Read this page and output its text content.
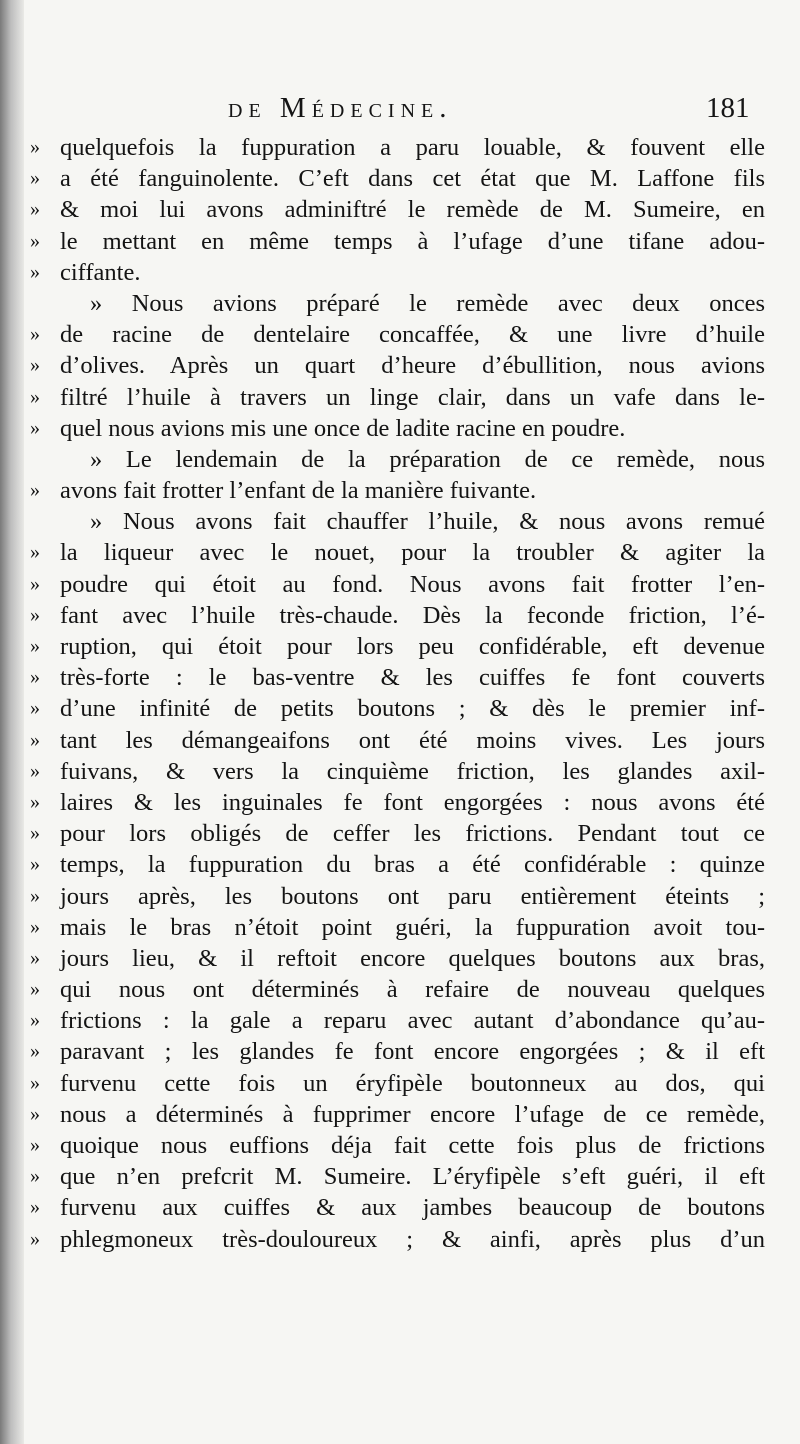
de Médecine.	181
» quelquefois la fuppuration a paru louable, & fouvent elle
» a été fanguinolente. C’eft dans cet état que M. Laffone fils
» & moi lui avons adminiftré le remède de M. Sumeire, en
» le mettant en même temps à l’ufage d’une tifane adou-
» ciffante.
» Nous avions préparé le remède avec deux onces
» de racine de dentelaire concaffée, & une livre d’huile
» d’olives. Après un quart d’heure d’ébullition, nous avions
» filtré l’huile à travers un linge clair, dans un vafe dans le-
» quel nous avions mis une once de ladite racine en poudre.
» Le lendemain de la préparation de ce remède, nous
» avons fait frotter l’enfant de la manière fuivante.
» Nous avons fait chauffer l’huile, & nous avons remué
» la liqueur avec le nouet, pour la troubler & agiter la
» poudre qui étoit au fond. Nous avons fait frotter l’en-
» fant avec l’huile très-chaude. Dès la feconde friction, l’é-
» ruption, qui étoit pour lors peu confidérable, eft devenue
» très-forte : le bas-ventre & les cuiffes fe font couverts
» d’une infinité de petits boutons ; & dès le premier inf-
» tant les démangeaifons ont été moins vives. Les jours
» fuivans, & vers la cinquième friction, les glandes axil-
» laires & les inguinales fe font engorgées : nous avons été
» pour lors obligés de ceffer les frictions. Pendant tout ce
» temps, la fuppuration du bras a été confidérable : quinze
» jours après, les boutons ont paru entièrement éteints ;
» mais le bras n’étoit point guéri, la fuppuration avoit tou-
» jours lieu, & il reftoit encore quelques boutons aux bras,
» qui nous ont déterminés à refaire de nouveau quelques
» frictions : la gale a reparu avec autant d’abondance qu’au-
» paravant ; les glandes fe font encore engorgées ; & il eft
» furvenu cette fois un éryfipèle boutonneux au dos, qui
» nous a déterminés à fupprimer encore l’ufage de ce remède,
» quoique nous euffions déja fait cette fois plus de frictions
» que n’en prefcrit M. Sumeire. L’éryfipèle s’eft guéri, il eft
» furvenu aux cuiffes & aux jambes beaucoup de boutons
» phlegmoneux très-douloureux ; & ainfi, après plus d’un
